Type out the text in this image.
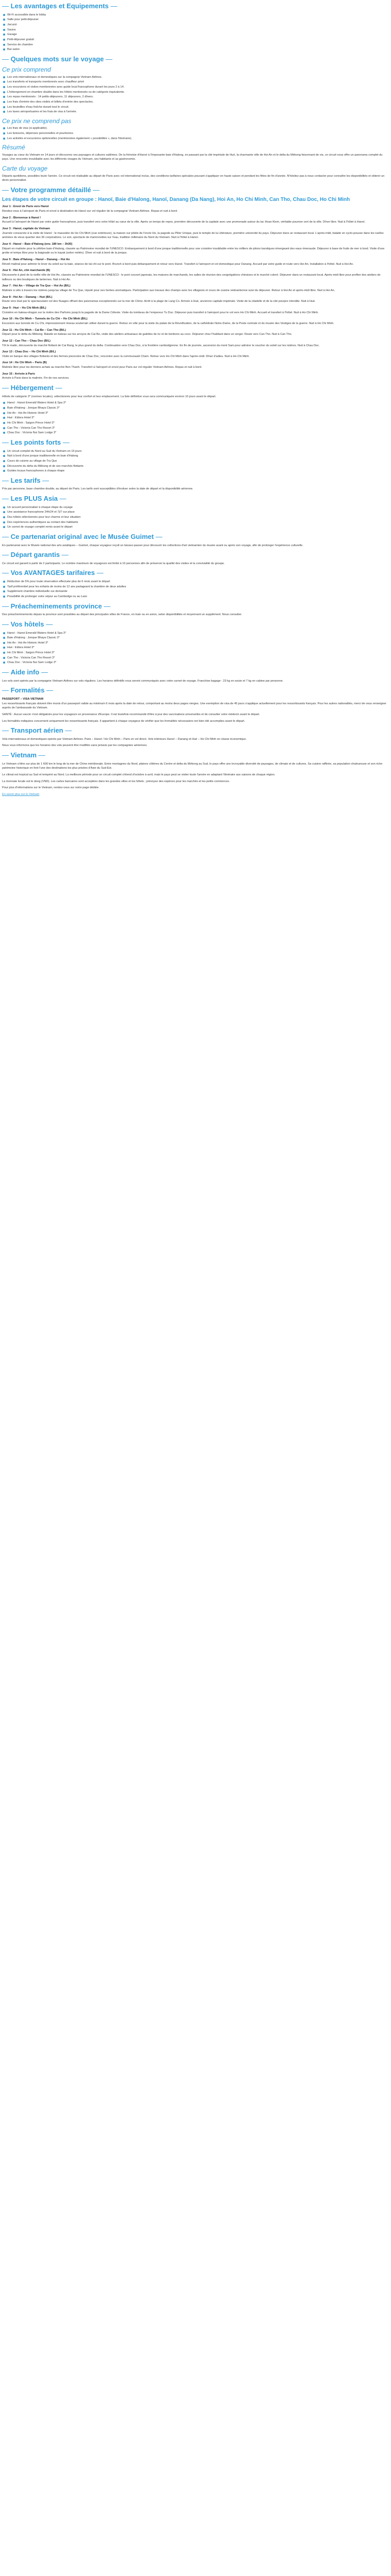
— Les avantages et Equipements —
Wi-Fi accessible dans le lobby
Salle pour petit-déjeuner
Jacuzzi
Sauna
Garage
Petit-déjeuner gratuit
Service de chambre
Bar-salon
— Quelques mots sur le voyage —
Ce prix comprend
Les vols internationaux et domestiques sur la compagnie Vietnam Airlines.
Les transferts et transports mentionnés avec chauffeur privé
Les excursions et visites mentionnées avec guide local francophone durant les jours 2 à 14.
L'hébergement en chambre double dans les hôtels mentionnés ou de catégorie équivalente.
Les repas mentionnés : 14 petits-déjeuners, 11 déjeuners, 2 dîners.
Les frais d'entrée des sites visités et billets d'entrée des spectacles.
Les bouteilles d'eau fraîche durant tout le circuit.
Les taxes aéroportuaires et les frais de visa à l'arrivée.
Ce prix ne comprend pas
Les frais de visa (si applicable).
Les boissons, dépenses personnelles et pourboires.
Les activités et excursions optionnelles (mentionnées également « possibilités », dans l'itinéraire).
Résumé

Voyagez au cœur du Vietnam en 14 jours et découvrez ses paysages et cultures sublimes. De la frénésie d'Hanoï à l'imposante baie d'Halong, en passant par la cité impériale de Hué, la charmante ville de Hoi An et le delta du Mékong foisonnant de vie, ce circuit vous offre un panorama complet du pays. Une rencontre inoubliable avec les différents visages du Vietnam, ses habitants et sa gastronomie.

Carte du voyage

Départs quotidiens, possibles toute l'année. Ce circuit est réalisable au départ de Paris avec vol international inclus, des conditions tarifaires spéciales pouvant s'appliquer en haute saison et pendant les fêtes de fin d'année. N'hésitez pas à nous contacter pour connaître les disponibilités et obtenir un devis personnalisé.

— Votre programme détaillé —
Les étapes de votre circuit en groupe : Hanoï, Baie d'Halong, Hanoï, Danang (Da Nang), Hoi An, Ho Chi Minh, Can Tho, Chau Doc, Ho Chi Minh
Jour 1 : Envol de Paris vers Hanoï

Rendez-vous à l'aéroport de Paris et envol à destination de Hanoï sur vol régulier de la compagnie Vietnam Airlines. Repas et nuit à bord.

Jour 2 : Bienvenue à Hanoï !

Accueil à l'aéroport de Hanoï par votre guide francophone, puis transfert vers votre hôtel au cœur de la ville. Après un temps de repos, première découverte de la capitale avec une promenade autour du lac Hoan Kiem, véritable poumon vert de la ville. Dîner libre. Nuit à l'hôtel à Hanoï.

Jour 3 : Hanoï, capitale du Vietnam

Journée consacrée à la visite de Hanoï : le mausolée de Ho Chi Minh (vue extérieure), la maison sur pilotis de l'oncle Ho, la pagode au Pilier Unique, puis le temple de la Littérature, première université du pays. Déjeuner dans un restaurant local. L'après-midi, balade en cyclo-pousse dans les ruelles animées du vieux quartier des 36 corporations. Le soir, spectacle de marionnettes sur l'eau, tradition millénaire du Nord du Vietnam. Nuit à l'hôtel à Hanoï.

Jour 4 : Hanoï – Baie d'Halong (env. 180 km – 3h30)

Départ en matinée pour la célèbre baie d'Halong, classée au Patrimoine mondial de l'UNESCO. Embarquement à bord d'une jonque traditionnelle pour une croisière inoubliable entre les milliers de pitons karstiques émergeant des eaux émeraude. Déjeuner à base de fruits de mer à bord. Visite d'une grotte et temps libre pour la baignade ou le kayak (selon météo). Dîner et nuit à bord de la jonque.

Jour 5 : Baie d'Halong – Hanoï – Danang – Hoi An

Réveil matinal pour admirer le lever du soleil sur la baie, séance de taï-chi sur le pont. Brunch à bord puis débarquement et retour vers Hanoï. Transfert à l'aéroport et vol domestique pour Danang. Accueil par votre guide et route vers Hoi An. Installation à l'hôtel. Nuit à Hoi An.

Jour 6 : Hoi An, cité marchande (B)

Découverte à pied de la vieille ville de Hoi An, classée au Patrimoine mondial de l'UNESCO : le pont couvert japonais, les maisons de marchands, les salles de réunion des congrégations chinoises et le marché coloré. Déjeuner dans un restaurant local. Après-midi libre pour profiter des ateliers de tailleurs ou des boutiques de lanternes. Nuit à Hoi An.

Jour 7 : Hoi An – Village de Tra Que – Hoi An (B/L)

Matinée à vélo à travers les rizières jusqu'au village de Tra Que, réputé pour ses herbes aromatiques. Participation aux travaux des champs avec les villageois et cours de cuisine vietnamienne suivi du déjeuner. Retour à Hoi An et après-midi libre. Nuit à Hoi An.

Jour 8 : Hoi An – Danang – Hué (B/L)

Route vers Hué par le spectaculaire col des Nuages offrant des panoramas exceptionnels sur la mer de Chine. Arrêt à la plage de Lang Co. Arrivée à Hué, ancienne capitale impériale. Visite de la citadelle et de la cité pourpre interdite. Nuit à Hué.

Jour 9 : Hué – Ho Chi Minh (B/L)

Croisière en bateau-dragon sur la rivière des Parfums jusqu'à la pagode de la Dame Céleste. Visite du tombeau de l'empereur Tu Duc. Déjeuner puis transfert à l'aéroport pour le vol vers Ho Chi Minh. Accueil et transfert à l'hôtel. Nuit à Ho Chi Minh.

Jour 10 : Ho Chi Minh – Tunnels de Cu Chi – Ho Chi Minh (B/L)

Excursion aux tunnels de Cu Chi, impressionnant réseau souterrain utilisé durant la guerre. Retour en ville pour la visite du palais de la Réunification, de la cathédrale Notre-Dame, de la Poste centrale et du musée des Vestiges de la guerre. Nuit à Ho Chi Minh.

Jour 11 : Ho Chi Minh – Cai Be – Can Tho (B/L)

Départ pour le delta du Mékong. Balade en bateau sur les arroyos de Cai Be, visite des ateliers artisanaux de galettes de riz et de bonbons au coco. Déjeuner chez l'habitant dans un verger. Route vers Can Tho. Nuit à Can Tho.

Jour 12 : Can Tho – Chau Doc (B/L)

Tôt le matin, découverte du marché flottant de Cai Rang, le plus grand du delta. Continuation vers Chau Doc, à la frontière cambodgienne. En fin de journée, ascension du mont Sam pour admirer le coucher du soleil sur les rizières. Nuit à Chau Doc.

Jour 13 : Chau Doc – Ho Chi Minh (B/L)

Visite en barque des villages flottants et des fermes piscicoles de Chau Doc, rencontre avec la communauté Cham. Retour vers Ho Chi Minh dans l'après-midi. Dîner d'adieu. Nuit à Ho Chi Minh.

Jour 14 : Ho Chi Minh – Paris (B)

Matinée libre pour les derniers achats au marché Ben Thanh. Transfert à l'aéroport et envol pour Paris sur vol régulier Vietnam Airlines. Repas et nuit à bord.

Jour 15 : Arrivée à Paris

Arrivée à Paris dans la matinée. Fin de nos services.

— Hébergement —

Hôtels de catégorie 3* (normes locales), sélectionnés pour leur confort et leur emplacement. La liste définitive vous sera communiquée environ 10 jours avant le départ.

Hanoï : Hanoi Emerald Waters Hotel & Spa 3*
Baie d'Halong : Jonque Bhaya Classic 3*
Hoi An : Hoi An Historic Hotel 3*
Hué : Eldora Hotel 3*
Ho Chi Minh : Saigon Prince Hotel 3*
Can Tho : Victoria Can Tho Resort 3*
Chau Doc : Victoria Nui Sam Lodge 3*
— Les points forts —
Un circuit complet du Nord au Sud du Vietnam en 15 jours
Nuit à bord d'une jonque traditionnelle en baie d'Halong
Cours de cuisine au village de Tra Que
Découverte du delta du Mékong et de ses marchés flottants
Guides locaux francophones à chaque étape
— Les tarifs —

Prix par personne, base chambre double, au départ de Paris. Les tarifs sont susceptibles d'évoluer selon la date de départ et la disponibilité aérienne.

— Les PLUS Asia —
Un accueil personnalisé à chaque étape du voyage
Une assistance francophone 24h/24 et 7j/7 sur place
Des hôtels sélectionnés pour leur charme et leur situation
Des expériences authentiques au contact des habitants
Un carnet de voyage complet remis avant le départ
— Ce partenariat original avec le Musée Guimet —

En partenariat avec le Musée national des arts asiatiques – Guimet, chaque voyageur reçoit un laissez-passer pour découvrir les collections d'art vietnamien du musée avant ou après son voyage, afin de prolonger l'expérience culturelle.

— Départ garantis —

Ce circuit est garanti à partir de 2 participants. Le nombre maximum de voyageurs est limité à 16 personnes afin de préserver la qualité des visites et la convivialité du groupe.

— Vos AVANTAGES tarifaires —
Réduction de 5% pour toute réservation effectuée plus de 6 mois avant le départ
Tarif préférentiel pour les enfants de moins de 12 ans partageant la chambre de deux adultes
Supplément chambre individuelle sur demande
Possibilité de prolonger votre séjour au Cambodge ou au Laos
— Préacheminements province —

Des préacheminements depuis la province sont possibles au départ des principales villes de France, en train ou en avion, selon disponibilités et moyennant un supplément. Nous consulter.

— Vos hôtels —
Hanoï : Hanoi Emerald Waters Hotel & Spa 3*
Baie d'Halong : Jonque Bhaya Classic 3*
Hoi An : Hoi An Historic Hotel 3*
Hué : Eldora Hotel 3*
Ho Chi Minh : Saigon Prince Hotel 3*
Can Tho : Victoria Can Tho Resort 3*
Chau Doc : Victoria Nui Sam Lodge 3*
— Aide info —

Les vols sont opérés par la compagnie Vietnam Airlines sur vols réguliers. Les horaires définitifs vous seront communiqués avec votre carnet de voyage. Franchise bagage : 23 kg en soute et 7 kg en cabine par personne.

— Formalités —
PASSEPORT – VISA VIETNAM

Les ressortissants français doivent être munis d'un passeport valide au minimum 6 mois après la date de retour, comportant au moins deux pages vierges. Une exemption de visa de 45 jours s'applique actuellement pour les ressortissants français. Pour les autres nationalités, merci de vous renseigner auprès de l'ambassade du Vietnam.

SANTÉ : Aucun vaccin n'est obligatoire pour les voyageurs en provenance d'Europe. Il est toutefois recommandé d'être à jour des vaccinations universelles et de consulter votre médecin avant le départ.

Les formalités indiquées concernent uniquement les ressortissants français. Il appartient à chaque voyageur de vérifier que les formalités nécessaires ont bien été accomplies avant le départ.

— Transport aérien —

Vols internationaux et domestiques opérés par Vietnam Airlines. Paris – Hanoï / Ho Chi Minh – Paris en vol direct. Vols intérieurs Hanoï – Danang et Hué – Ho Chi Minh en classe économique.

Nous vous informons que les horaires des vols peuvent être modifiés sans préavis par les compagnies aériennes.

— Vietnam —

Le Vietnam s'étire sur plus de 1 600 km le long de la mer de Chine méridionale. Entre montagnes du Nord, plaines côtières du Centre et delta du Mékong au Sud, le pays offre une incroyable diversité de paysages, de climats et de cultures. Sa cuisine raffinée, sa population chaleureuse et son riche patrimoine historique en font l'une des destinations les plus prisées d'Asie du Sud-Est.

Le climat est tropical au Sud et tempéré au Nord. La meilleure période pour un circuit complet s'étend d'octobre à avril, mais le pays peut se visiter toute l'année en adaptant l'itinéraire aux saisons de chaque région.

La monnaie locale est le dong (VND). Les cartes bancaires sont acceptées dans les grandes villes et les hôtels ; prévoyez des espèces pour les marchés et les petits commerces.

Pour plus d'informations sur le Vietnam, rendez-vous sur notre page dédiée.

En savoir plus sur le Vietnam
